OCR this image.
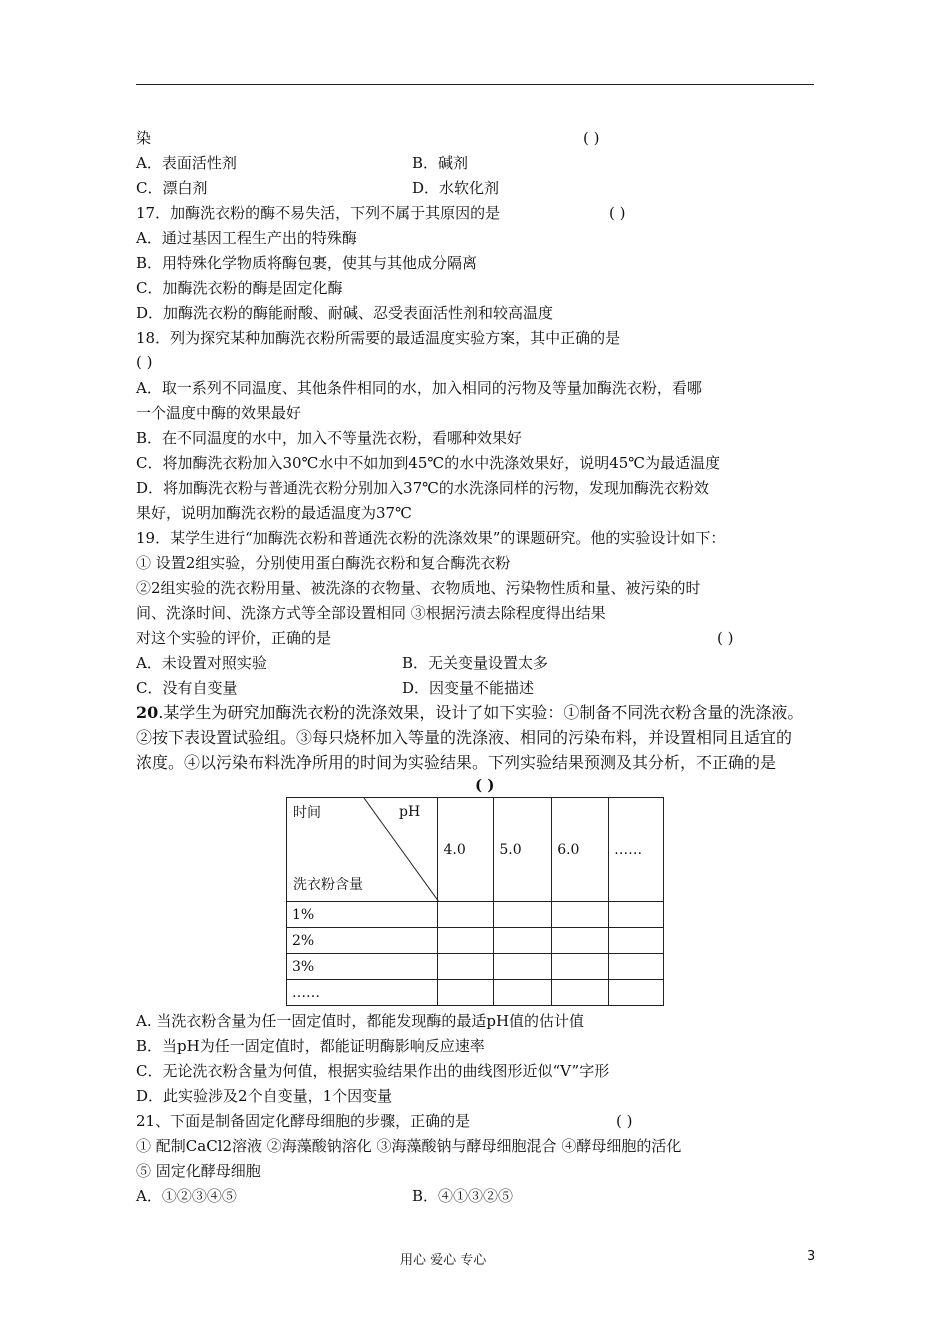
染	( )
A．表面活性剂	B．碱剂
C．漂白剂	D．水软化剂
17．加酶洗衣粉的酶不易失活，下列不属于其原因的是	( )
A．通过基因工程生产出的特殊酶
B．用特殊化学物质将酶包裹，使其与其他成分隔离
C．加酶洗衣粉的酶是固定化酶
D．加酶洗衣粉的酶能耐酸、耐碱、忍受表面活性剂和较高温度
18．列为探究某种加酶洗衣粉所需要的最适温度实验方案，其中正确的是
( )
A．取一系列不同温度、其他条件相同的水，加入相同的污物及等量加酶洗衣粉，看哪
一个温度中酶的效果最好
B．在不同温度的水中，加入不等量洗衣粉，看哪种效果好
C．将加酶洗衣粉加入30℃水中不如加到45℃的水中洗涤效果好，说明45℃为最适温度
D．将加酶洗衣粉与普通洗衣粉分别加入37℃的水洗涤同样的污物，发现加酶洗衣粉效
果好，说明加酶洗衣粉的最适温度为37℃
19．某学生进行“加酶洗衣粉和普通洗衣粉的洗涤效果”的课题研究。他的实验设计如下：
① 设置2组实验，分别使用蛋白酶洗衣粉和复合酶洗衣粉
②2组实验的洗衣粉用量、被洗涤的衣物量、衣物质地、污染物性质和量、被污染的时
间、洗涤时间、洗涤方式等全部设置相同 ③根据污渍去除程度得出结果
对这个实验的评价，正确的是	( )
A．未设置对照实验	B．无关变量设置太多
C．没有自变量	D．因变量不能描述
20.某学生为研究加酶洗衣粉的洗涤效果，设计了如下实验：①制备不同洗衣粉含量的洗涤液。
②按下表设置试验组。③每只烧杯加入等量的洗涤液、相同的污染布料，并设置相同且适宜的
浓度。④以污染布料洗净所用的时间为实验结果。下列实验结果预测及其分析，不正确的是
( )
时间 pH
洗衣粉含量	4.0	5.0	6.0	……
1%				
2%				
3%				
……				
A. 当洗衣粉含量为任一固定值时，都能发现酶的最适pH值的估计值
B．当pH为任一固定值时，都能证明酶影响反应速率
C．无论洗衣粉含量为何值，根据实验结果作出的曲线图形近似“V”字形
D．此实验涉及2个自变量，1个因变量
21、下面是制备固定化酵母细胞的步骤，正确的是	( )
① 配制CaCl2溶液 ②海藻酸钠溶化 ③海藻酸钠与酵母细胞混合 ④酵母细胞的活化
⑤ 固定化酵母细胞
A．①②③④⑤	B．④①③②⑤
用心 爱心 专心	3
